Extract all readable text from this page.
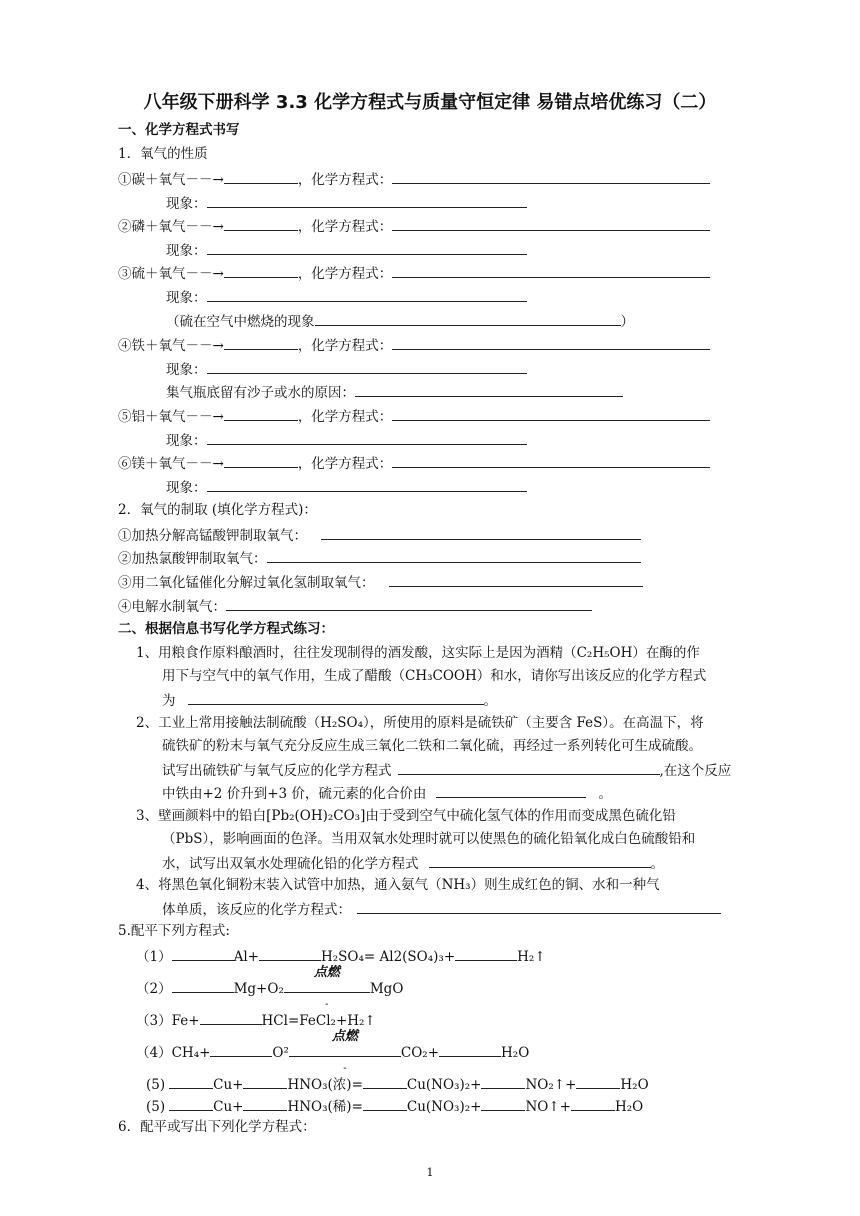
八年级下册科学 3.3 化学方程式与质量守恒定律 易错点培优练习（二）
一、化学方程式书写
1．氧气的性质
①碳＋氧气－－→	，化学方程式：
现象：
②磷＋氧气－－→	，化学方程式：
现象：
③硫＋氧气－－→	，化学方程式：
现象：
（硫在空气中燃烧的现象	）
④铁＋氧气－－→	，化学方程式：
现象：
集气瓶底留有沙子或水的原因：
⑤铝＋氧气－－→	，化学方程式：
现象：
⑥镁＋氧气－－→	，化学方程式：
现象：
2．氧气的制取 (填化学方程式)：
①加热分解高锰酸钾制取氧气：
②加热氯酸钾制取氧气：
③用二氧化锰催化分解过氧化氢制取氧气：
④电解水制氧气：
二、根据信息书写化学方程式练习：
1、用粮食作原料酿酒时，往往发现制得的酒发酸，这实际上是因为酒精（C₂H₅OH）在酶的作
用下与空气中的氧气作用，生成了醋酸（CH₃COOH）和水，请你写出该反应的化学方程式
为	。
2、工业上常用接触法制硫酸（H₂SO₄），所使用的原料是硫铁矿（主要含 FeS）。在高温下，将
硫铁矿的粉末与氧气充分反应生成三氧化二铁和二氧化硫，再经过一系列转化可生成硫酸。
试写出硫铁矿与氧气反应的化学方程式	,在这个反应
中铁由+2 价升到+3 价，硫元素的化合价由	。
3、壁画颜料中的铅白[Pb₂(OH)₂CO₃]由于受到空气中硫化氢气体的作用而变成黑色硫化铅
（PbS），影响画面的色泽。当用双氧水处理时就可以使黑色的硫化铅氧化成白色硫酸铅和
水，试写出双氧水处理硫化铅的化学方程式	。
4、将黑色氧化铜粉末装入试管中加热，通入氨气（NH₃）则生成红色的铜、水和一种气
体单质，该反应的化学方程式：
5.配平下列方程式:
（1）	Al+	H₂SO₄= Al2(SO₄)₃+	H₂↑
（2）	Mg+O₂
点燃
-
MgO
（3）Fe+	HCl=FeCl₂+H₂↑
（4）CH₄+	O²
点燃
-
CO₂+	H₂O
(5)	Cu+	HNO₃(浓)=	Cu(NO₃)₂+	NO₂↑+	H₂O
(5)	Cu+	HNO₃(稀)=	Cu(NO₃)₂+	NO↑+	H₂O
6．配平或写出下列化学方程式：
1
